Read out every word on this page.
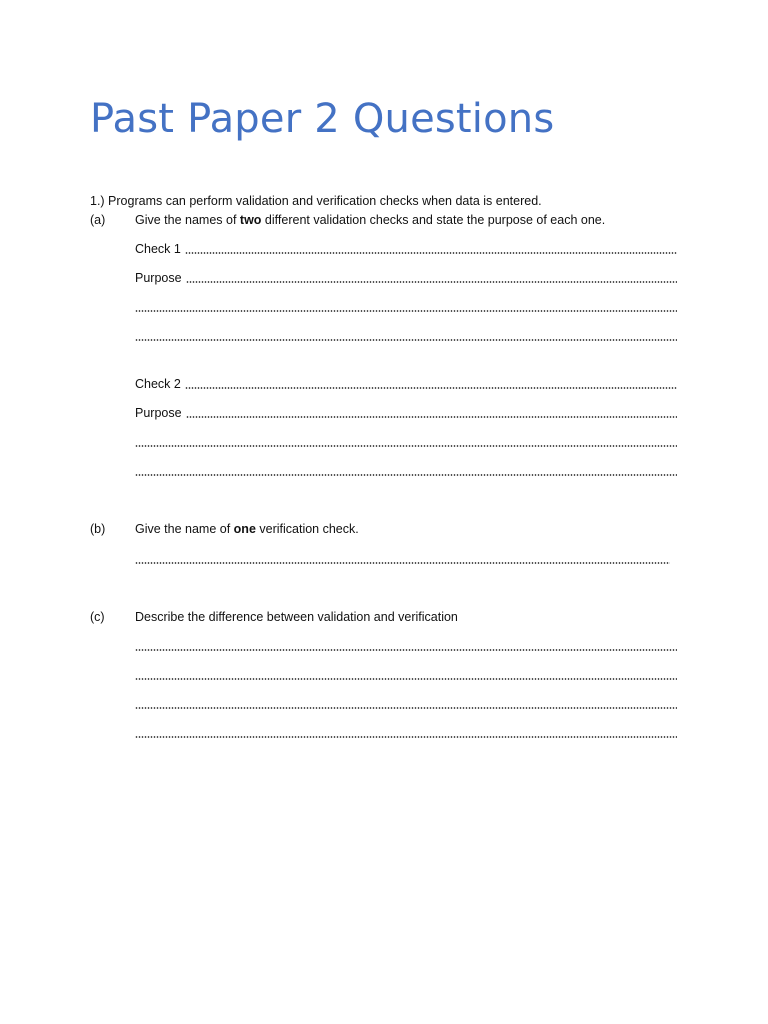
Past Paper 2 Questions
1.) Programs can perform validation and verification checks when data is entered.
(a) Give the names of two different validation checks and state the purpose of each one.
Check 1
Purpose
Check 2
Purpose
(b) Give the name of one verification check.
(c) Describe the difference between validation and verification
